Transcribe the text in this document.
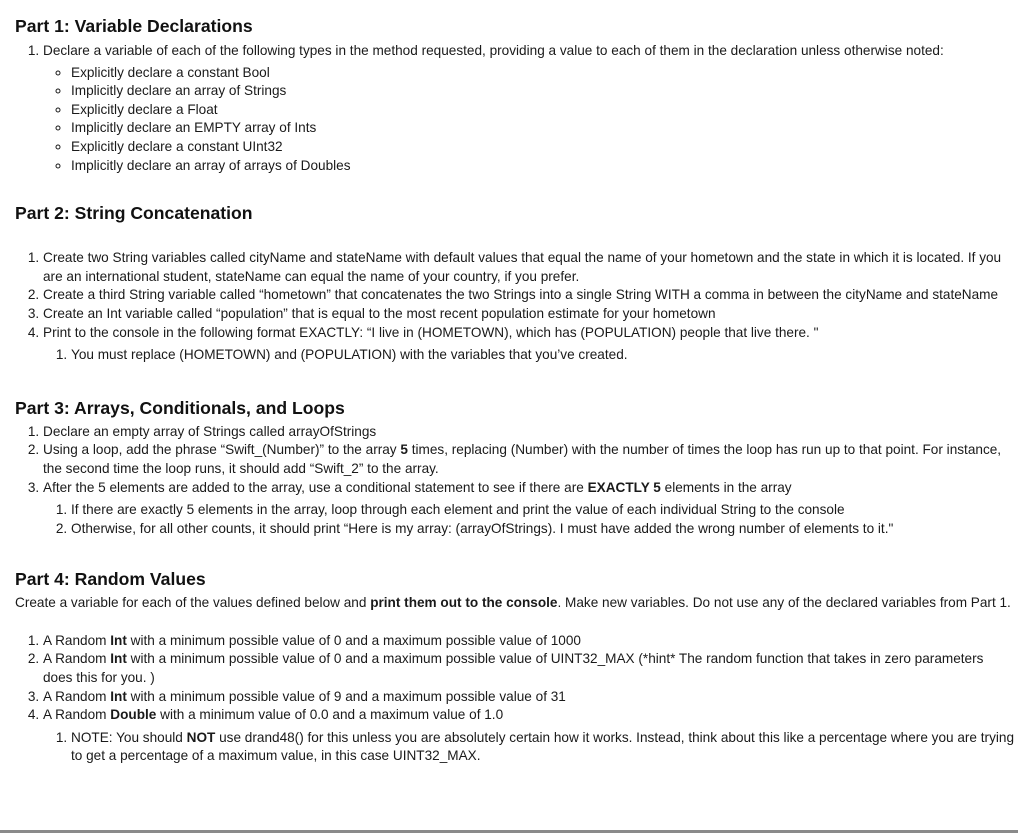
Part 1: Variable Declarations
1. Declare a variable of each of the following types in the method requested, providing a value to each of them in the declaration unless otherwise noted:
◦ Explicitly declare a constant Bool
◦ Implicitly declare an array of Strings
◦ Explicitly declare a Float
◦ Implicitly declare an EMPTY array of Ints
◦ Explicitly declare a constant UInt32
◦ Implicitly declare an array of arrays of Doubles
Part 2: String Concatenation
1. Create two String variables called cityName and stateName with default values that equal the name of your hometown and the state in which it is located. If you are an international student, stateName can equal the name of your country, if you prefer.
2. Create a third String variable called “hometown” that concatenates the two Strings into a single String WITH a comma in between the cityName and stateName
3. Create an Int variable called “population” that is equal to the most recent population estimate for your hometown
4. Print to the console in the following format EXACTLY: “I live in (HOMETOWN), which has (POPULATION) people that live there. "
1. You must replace (HOMETOWN) and (POPULATION) with the variables that you’ve created.
Part 3: Arrays, Conditionals, and Loops
1. Declare an empty array of Strings called arrayOfStrings
2. Using a loop, add the phrase “Swift_(Number)” to the array 5 times, replacing (Number) with the number of times the loop has run up to that point. For instance, the second time the loop runs, it should add “Swift_2” to the array.
3. After the 5 elements are added to the array, use a conditional statement to see if there are EXACTLY 5 elements in the array
1. If there are exactly 5 elements in the array, loop through each element and print the value of each individual String to the console
2. Otherwise, for all other counts, it should print “Here is my array: (arrayOfStrings). I must have added the wrong number of elements to it."
Part 4: Random Values

Create a variable for each of the values defined below and print them out to the console. Make new variables. Do not use any of the declared variables from Part 1.

1. A Random Int with a minimum possible value of 0 and a maximum possible value of 1000
2. A Random Int with a minimum possible value of 0 and a maximum possible value of UINT32_MAX (*hint* The random function that takes in zero parameters does this for you. )
3. A Random Int with a minimum possible value of 9 and a maximum possible value of 31
4. A Random Double with a minimum value of 0.0 and a maximum value of 1.0
1. NOTE: You should NOT use drand48() for this unless you are absolutely certain how it works. Instead, think about this like a percentage where you are trying to get a percentage of a maximum value, in this case UINT32_MAX.
